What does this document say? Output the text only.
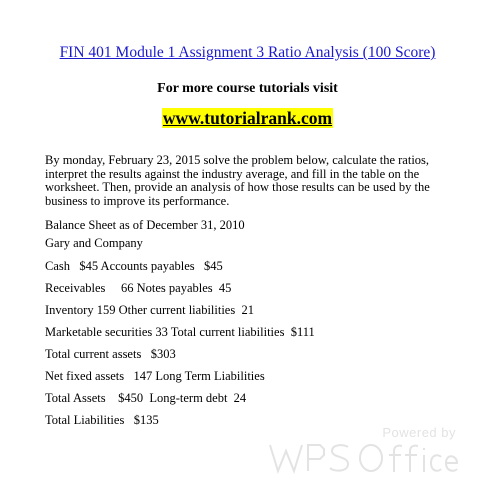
FIN 401 Module 1 Assignment 3 Ratio Analysis (100 Score)
For more course tutorials visit
www.tutorialrank.com
By monday, February 23, 2015 solve the problem below, calculate the ratios, interpret the results against the industry average, and fill in the table on the worksheet. Then, provide an analysis of how those results can be used by the business to improve its performance.
Balance Sheet as of December 31, 2010
Gary and Company
Cash   $45 Accounts payables   $45
Receivables     66 Notes payables  45
Inventory 159 Other current liabilities  21
Marketable securities 33 Total current liabilities  $111
Total current assets   $303
Net fixed assets   147 Long Term Liabilities
Total Assets    $450  Long-term debt  24
Total Liabilities   $135
Powered by
